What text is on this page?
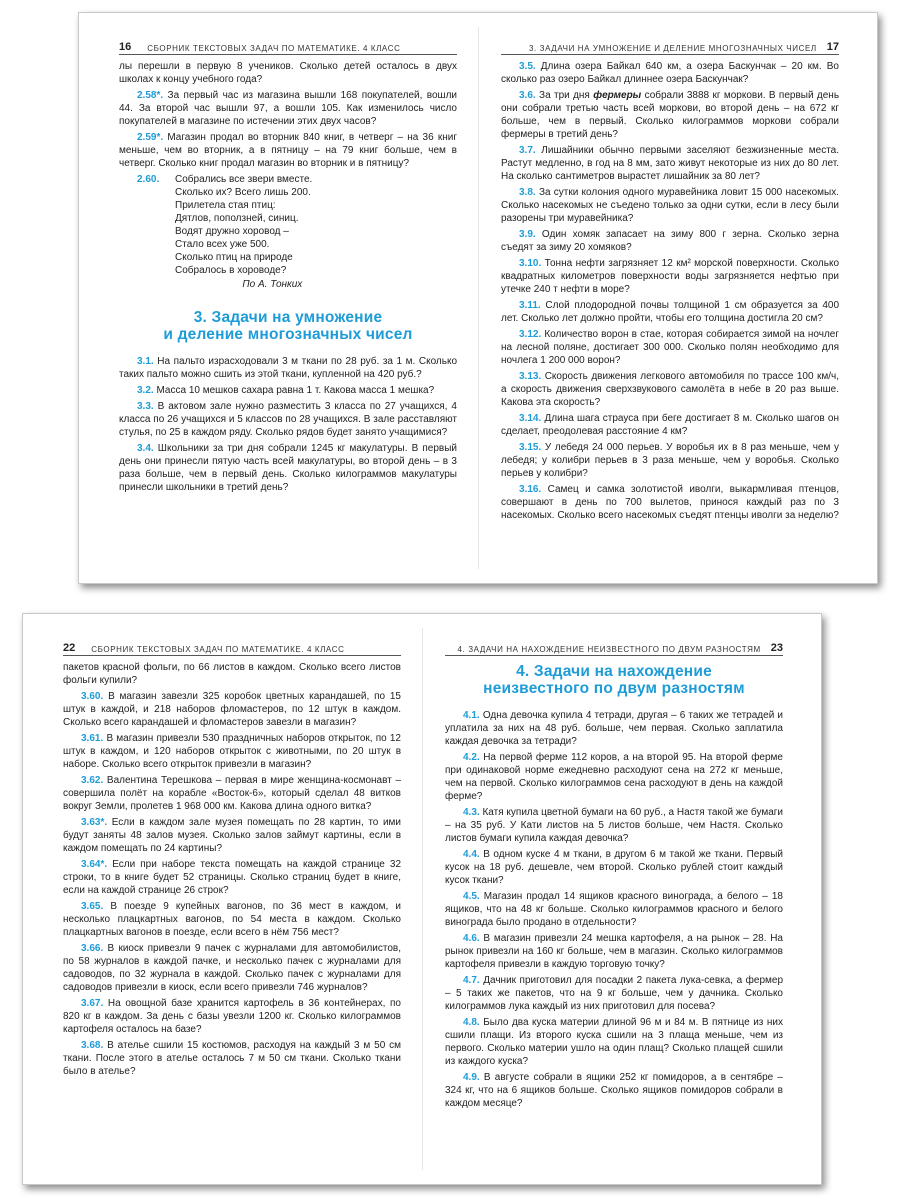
16 СБОРНИК ТЕКСТОВЫХ ЗАДАЧ ПО МАТЕМАТИКЕ. 4 КЛАСС

лы перешли в первую 8 учеников. Сколько детей осталось в двух школах к концу учебного года?

2.58*. За первый час из магазина вышли 168 покупателей, вошли 44. За второй час вышли 97, а вошли 105. Как изменилось число покупателей в магазине по истечении этих двух часов?

2.59*. Магазин продал во вторник 840 книг, в четверг – на 36 книг меньше, чем во вторник, а в пятницу – на 79 книг больше, чем в четверг. Сколько книг продал магазин во вторник и в пятницу?

2.60.	Собрались все звери вместе.
Сколько их? Всего лишь 200.
Прилетела стая птиц:
Дятлов, поползней, синиц.
Водят дружно хоровод –
Стало всех уже 500.
Сколько птиц на природе
Собралось в хороводе?
По А. Тонких
3. Задачи на умножение
и деление многозначных чисел

3.1. На пальто израсходовали 3 м ткани по 28 руб. за 1 м. Сколько таких пальто можно сшить из этой ткани, купленной на 420 руб.?

3.2. Масса 10 мешков сахара равна 1 т. Какова масса 1 мешка?

3.3. В актовом зале нужно разместить 3 класса по 27 учащихся, 4 класса по 26 учащихся и 5 классов по 28 учащихся. В зале расставляют стулья, по 25 в каждом ряду. Сколько рядов будет занято учащимися?

3.4. Школьники за три дня собрали 1245 кг макулатуры. В первый день они принесли пятую часть всей макулатуры, во второй день – в 3 раза больше, чем в первый день. Сколько килограммов макулатуры принесли школьники в третий день?

3. ЗАДАЧИ НА УМНОЖЕНИЕ И ДЕЛЕНИЕ МНОГОЗНАЧНЫХ ЧИСЕЛ 17

3.5. Длина озера Байкал 640 км, а озера Баскунчак – 20 км. Во сколько раз озеро Байкал длиннее озера Баскунчак?

3.6. За три дня фермеры собрали 3888 кг моркови. В первый день они собрали третью часть всей моркови, во второй день – на 672 кг больше, чем в первый. Сколько килограммов моркови собрали фермеры в третий день?

3.7. Лишайники обычно первыми заселяют безжизненные места. Растут медленно, в год на 8 мм, зато живут некоторые из них до 80 лет. На сколько сантиметров вырастет лишайник за 80 лет?

3.8. За сутки колония одного муравейника ловит 15 000 насекомых. Сколько насекомых не съедено только за одни сутки, если в лесу были разорены три муравейника?

3.9. Один хомяк запасает на зиму 800 г зерна. Сколько зерна съедят за зиму 20 хомяков?

3.10. Тонна нефти загрязняет 12 км² морской поверхности. Сколько квадратных километров поверхности воды загрязняется нефтью при утечке 240 т нефти в море?

3.11. Слой плодородной почвы толщиной 1 см образуется за 400 лет. Сколько лет должно пройти, чтобы его толщина достигла 20 см?

3.12. Количество ворон в стае, которая собирается зимой на ночлег на лесной поляне, достигает 300 000. Сколько полян необходимо для ночлега 1 200 000 ворон?

3.13. Скорость движения легкового автомобиля по трассе 100 км/ч, а скорость движения сверхзвукового самолёта в небе в 20 раз выше. Какова эта скорость?

3.14. Длина шага страуса при беге достигает 8 м. Сколько шагов он сделает, преодолевая расстояние 4 км?

3.15. У лебедя 24 000 перьев. У воробья их в 8 раз меньше, чем у лебедя; у колибри перьев в 3 раза меньше, чем у воробья. Сколько перьев у колибри?

3.16. Самец и самка золотистой иволги, выкармливая птенцов, совершают в день по 700 вылетов, принося каждый раз по 3 насекомых. Сколько всего насекомых съедят птенцы иволги за неделю?

22 СБОРНИК ТЕКСТОВЫХ ЗАДАЧ ПО МАТЕМАТИКЕ. 4 КЛАСС

пакетов красной фольги, по 66 листов в каждом. Сколько всего листов фольги купили?

3.60. В магазин завезли 325 коробок цветных карандашей, по 15 штук в каждой, и 218 наборов фломастеров, по 12 штук в каждом. Сколько всего карандашей и фломастеров завезли в магазин?

3.61. В магазин привезли 530 праздничных наборов открыток, по 12 штук в каждом, и 120 наборов открыток с животными, по 20 штук в наборе. Сколько всего открыток привезли в магазин?

3.62. Валентина Терешкова – первая в мире женщина-космонавт – совершила полёт на корабле «Восток-6», который сделал 48 витков вокруг Земли, пролетев 1 968 000 км. Какова длина одного витка?

3.63*. Если в каждом зале музея помещать по 28 картин, то ими будут заняты 48 залов музея. Сколько залов займут картины, если в каждом помещать по 24 картины?

3.64*. Если при наборе текста помещать на каждой странице 32 строки, то в книге будет 52 страницы. Сколько страниц будет в книге, если на каждой странице 26 строк?

3.65. В поезде 9 купейных вагонов, по 36 мест в каждом, и несколько плацкартных вагонов, по 54 места в каждом. Сколько плацкартных вагонов в поезде, если всего в нём 756 мест?

3.66. В киоск привезли 9 пачек с журналами для автомобилистов, по 58 журналов в каждой пачке, и несколько пачек с журналами для садоводов, по 32 журнала в каждой. Сколько пачек с журналами для садоводов привезли в киоск, если всего привезли 746 журналов?

3.67. На овощной базе хранится картофель в 36 контейнерах, по 820 кг в каждом. За день с базы увезли 1200 кг. Сколько килограммов картофеля осталось на базе?

3.68. В ателье сшили 15 костюмов, расходуя на каждый 3 м 50 см ткани. После этого в ателье осталось 7 м 50 см ткани. Сколько ткани было в ателье?

4. ЗАДАЧИ НА НАХОЖДЕНИЕ НЕИЗВЕСТНОГО ПО ДВУМ РАЗНОСТЯМ 23
4. Задачи на нахождение
неизвестного по двум разностям

4.1. Одна девочка купила 4 тетради, другая – 6 таких же тетрадей и уплатила за них на 48 руб. больше, чем первая. Сколько заплатила каждая девочка за тетради?

4.2. На первой ферме 112 коров, а на второй 95. На второй ферме при одинаковой норме ежедневно расходуют сена на 272 кг меньше, чем на первой. Сколько килограммов сена расходуют в день на каждой ферме?

4.3. Катя купила цветной бумаги на 60 руб., а Настя такой же бумаги – на 35 руб. У Кати листов на 5 листов больше, чем Настя. Сколько листов бумаги купила каждая девочка?

4.4. В одном куске 4 м ткани, в другом 6 м такой же ткани. Первый кусок на 18 руб. дешевле, чем второй. Сколько рублей стоит каждый кусок ткани?

4.5. Магазин продал 14 ящиков красного винограда, а белого – 18 ящиков, что на 48 кг больше. Сколько килограммов красного и белого винограда было продано в отдельности?

4.6. В магазин привезли 24 мешка картофеля, а на рынок – 28. На рынок привезли на 160 кг больше, чем в магазин. Сколько килограммов картофеля привезли в каждую торговую точку?

4.7. Дачник приготовил для посадки 2 пакета лука-севка, а фермер – 5 таких же пакетов, что на 9 кг больше, чем у дачника. Сколько килограммов лука каждый из них приготовил для посева?

4.8. Было два куска материи длиной 96 м и 84 м. В пятнице из них сшили плащи. Из второго куска сшили на 3 плаща меньше, чем из первого. Сколько материи ушло на один плащ? Сколько плащей сшили из каждого куска?

4.9. В августе собрали в ящики 252 кг помидоров, а в сентябре – 324 кг, что на 6 ящиков больше. Сколько ящиков помидоров собрали в каждом месяце?
